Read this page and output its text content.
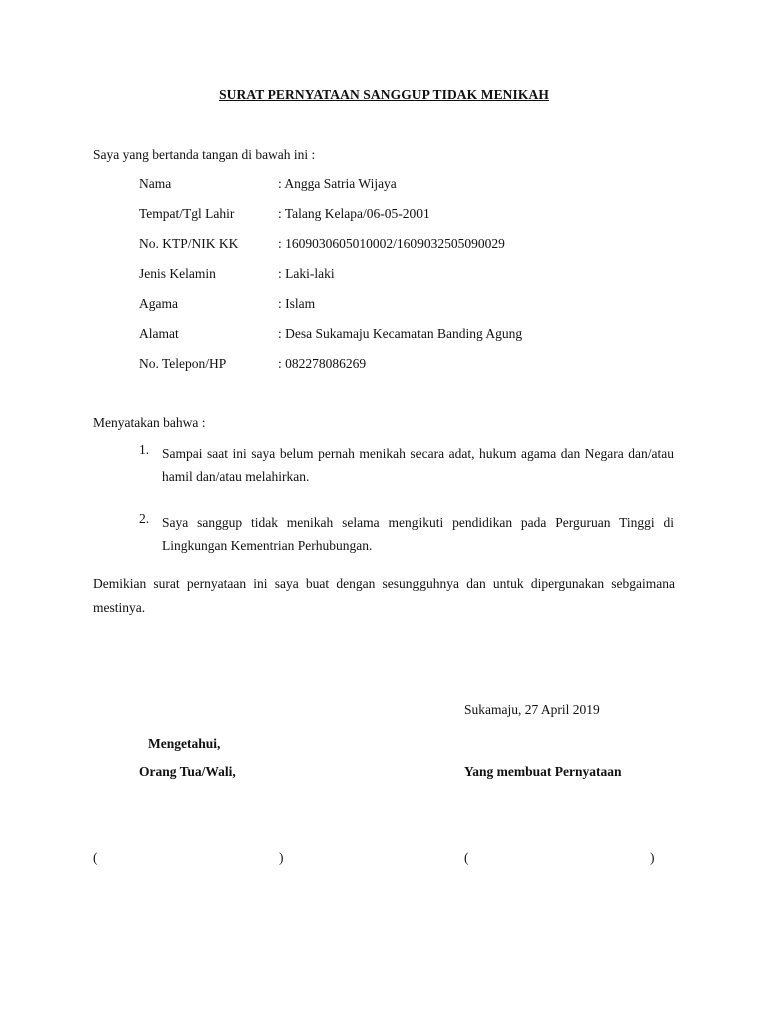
SURAT PERNYATAAN SANGGUP TIDAK MENIKAH
Saya yang bertanda tangan di bawah ini :
Nama	: Angga Satria Wijaya
Tempat/Tgl Lahir	: Talang Kelapa/06-05-2001
No. KTP/NIK KK	: 1609030605010002/1609032505090029
Jenis Kelamin	: Laki-laki
Agama	: Islam
Alamat	: Desa Sukamaju Kecamatan Banding Agung
No. Telepon/HP	: 082278086269
Menyatakan bahwa :
1. Sampai saat ini saya belum pernah menikah secara adat, hukum agama dan Negara dan/atau hamil dan/atau melahirkan.
2. Saya sanggup tidak menikah selama mengikuti pendidikan pada Perguruan Tinggi di Lingkungan Kementrian Perhubungan.
Demikian surat pernyataan ini saya buat dengan sesungguhnya dan untuk dipergunakan sebgaimana mestinya.
Sukamaju, 27 April 2019
Mengetahui,
Orang Tua/Wali,	Yang membuat Pernyataan
(	)	(	)
